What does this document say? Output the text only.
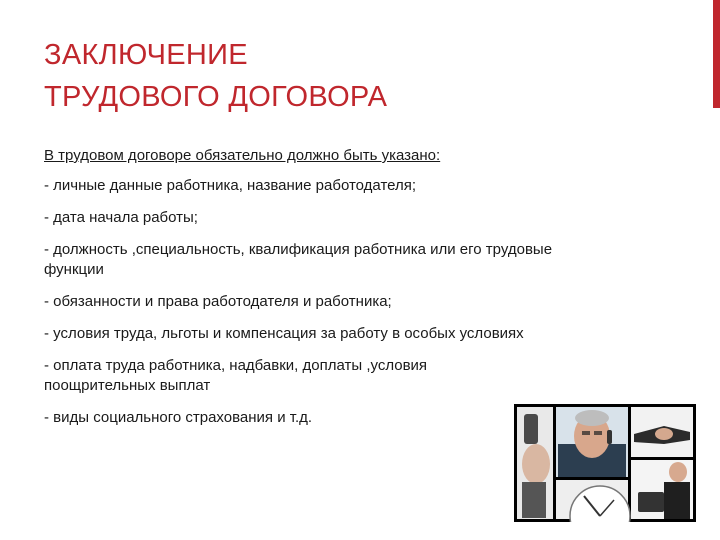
ЗАКЛЮЧЕНИЕ
ТРУДОВОГО ДОГОВОРА

В трудовом договоре обязательно должно быть указано:

- личные данные работника, название работодателя;

- дата начала работы;

- должность ,специальность, квалификация работника или его трудовые функции

- обязанности и права работодателя и работника;

- условия труда, льготы и компенсация за работу в особых условиях

- оплата труда работника, надбавки, доплаты ,условия поощрительных выплат

- виды социального страхования и т.д.
